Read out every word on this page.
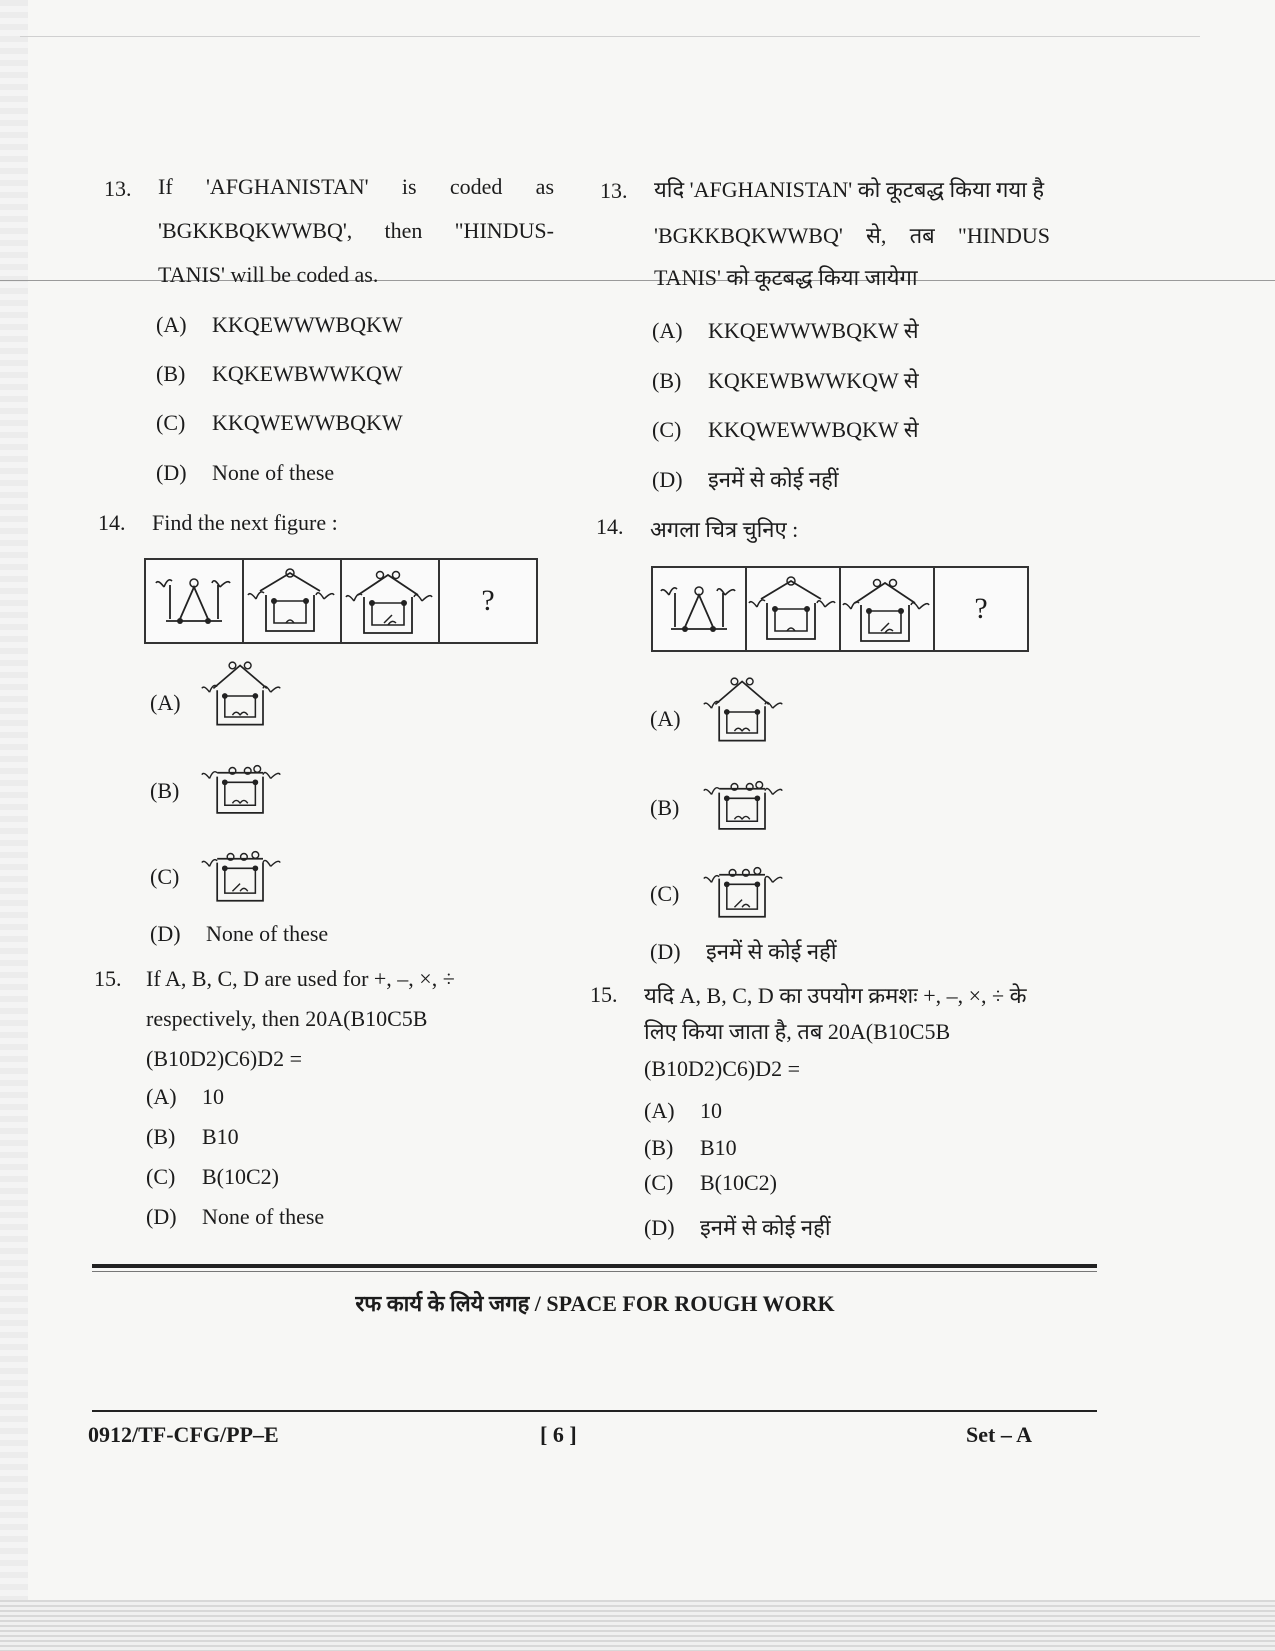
13. If 'AFGHANISTAN' is coded as
'BGKKBQKWWBQ', then "HINDUS-
TANIS' will be coded as.
(A) KKQEWWWBQKW
(B) KQKEWBWWKQW
(C) KKQWEWWBQKW
(D) None of these
14. Find the next figure :
?
(A)
(B)
(C)
(D) None of these
15. If A, B, C, D are used for +, –, ×, ÷
respectively, then 20A(B10C5B
(B10D2)C6)D2 =
(A) 10
(B) B10
(C) B(10C2)
(D) None of these
13. यदि 'AFGHANISTAN' को कूटबद्ध किया गया है
'BGKKBQKWWBQ' से, तब "HINDUS
TANIS' को कूटबद्ध किया जायेगा
(A) KKQEWWWBQKW से
(B) KQKEWBWWKQW से
(C) KKQWEWWBQKW से
(D) इनमें से कोई नहीं
14. अगला चित्र चुनिए :
?
(A)
(B)
(C)
(D) इनमें से कोई नहीं
15. यदि A, B, C, D का उपयोग क्रमशः +, –, ×, ÷ के
लिए किया जाता है, तब 20A(B10C5B
(B10D2)C6)D2 =
(A) 10
(B) B10
(C) B(10C2)
(D) इनमें से कोई नहीं
रफ कार्य के लिये जगह / SPACE FOR ROUGH WORK
0912/TF-CFG/PP–E	[ 6 ]	Set – A
